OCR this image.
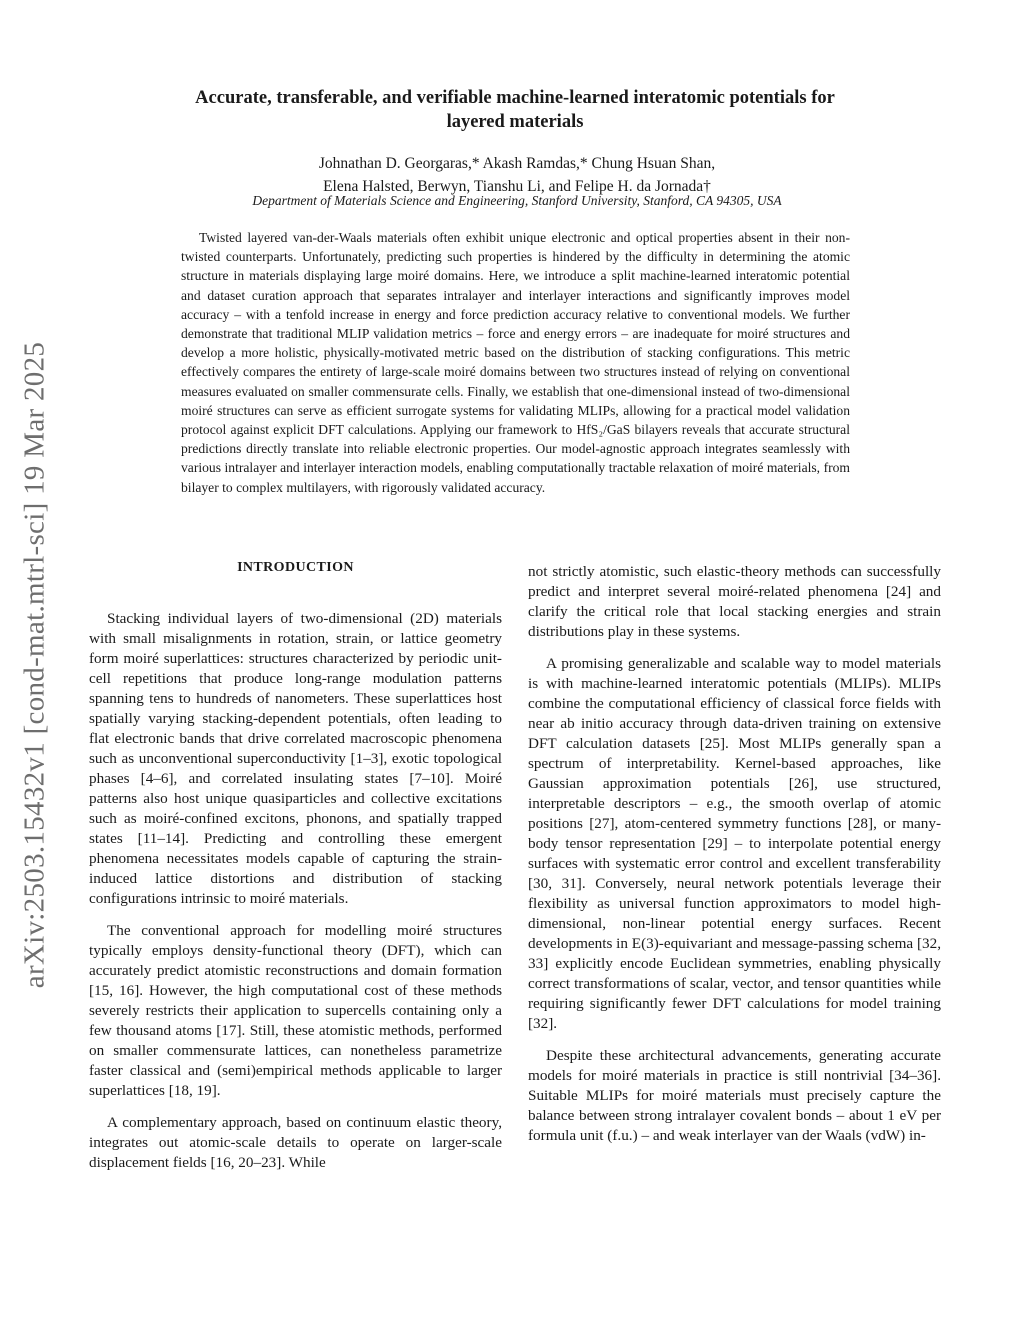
arXiv:2503.15432v1 [cond-mat.mtrl-sci] 19 Mar 2025
Accurate, transferable, and verifiable machine-learned interatomic potentials for
layered materials
Johnathan D. Georgaras,* Akash Ramdas,* Chung Hsuan Shan,
Elena Halsted, Berwyn, Tianshu Li, and Felipe H. da Jornada†
Department of Materials Science and Engineering, Stanford University, Stanford, CA 94305, USA

Twisted layered van-der-Waals materials often exhibit unique electronic and optical properties absent in their non-twisted counterparts. Unfortunately, predicting such properties is hindered by the difficulty in determining the atomic structure in materials displaying large moiré domains. Here, we introduce a split machine-learned interatomic potential and dataset curation approach that separates intralayer and interlayer interactions and significantly improves model accuracy – with a tenfold increase in energy and force prediction accuracy relative to conventional models. We further demonstrate that traditional MLIP validation metrics – force and energy errors – are inadequate for moiré structures and develop a more holistic, physically-motivated metric based on the distribution of stacking configurations. This metric effectively compares the entirety of large-scale moiré domains between two structures instead of relying on conventional measures evaluated on smaller commensurate cells. Finally, we establish that one-dimensional instead of two-dimensional moiré structures can serve as efficient surrogate systems for validating MLIPs, allowing for a practical model validation protocol against explicit DFT calculations. Applying our framework to HfS₂/GaS bilayers reveals that accurate structural predictions directly translate into reliable electronic properties. Our model-agnostic approach integrates seamlessly with various intralayer and interlayer interaction models, enabling computationally tractable relaxation of moiré materials, from bilayer to complex multilayers, with rigorously validated accuracy.

INTRODUCTION

Stacking individual layers of two-dimensional (2D) materials with small misalignments in rotation, strain, or lattice geometry form moiré superlattices: structures characterized by periodic unit-cell repetitions that produce long-range modulation patterns spanning tens to hundreds of nanometers. These superlattices host spatially varying stacking-dependent potentials, often leading to flat electronic bands that drive correlated macroscopic phenomena such as unconventional superconductivity [1–3], exotic topological phases [4–6], and correlated insulating states [7–10]. Moiré patterns also host unique quasiparticles and collective excitations such as moiré-confined excitons, phonons, and spatially trapped states [11–14]. Predicting and controlling these emergent phenomena necessitates models capable of capturing the strain-induced lattice distortions and distribution of stacking configurations intrinsic to moiré materials.

The conventional approach for modelling moiré structures typically employs density-functional theory (DFT), which can accurately predict atomistic reconstructions and domain formation [15, 16]. However, the high computational cost of these methods severely restricts their application to supercells containing only a few thousand atoms [17]. Still, these atomistic methods, performed on smaller commensurate lattices, can nonetheless parametrize faster classical and (semi)empirical methods applicable to larger superlattices [18, 19].

A complementary approach, based on continuum elastic theory, integrates out atomic-scale details to operate on larger-scale displacement fields [16, 20–23]. While

not strictly atomistic, such elastic-theory methods can successfully predict and interpret several moiré-related phenomena [24] and clarify the critical role that local stacking energies and strain distributions play in these systems.

A promising generalizable and scalable way to model materials is with machine-learned interatomic potentials (MLIPs). MLIPs combine the computational efficiency of classical force fields with near ab initio accuracy through data-driven training on extensive DFT calculation datasets [25]. Most MLIPs generally span a spectrum of interpretability. Kernel-based approaches, like Gaussian approximation potentials [26], use structured, interpretable descriptors – e.g., the smooth overlap of atomic positions [27], atom-centered symmetry functions [28], or many-body tensor representation [29] – to interpolate potential energy surfaces with systematic error control and excellent transferability [30, 31]. Conversely, neural network potentials leverage their flexibility as universal function approximators to model high-dimensional, non-linear potential energy surfaces. Recent developments in E(3)-equivariant and message-passing schema [32, 33] explicitly encode Euclidean symmetries, enabling physically correct transformations of scalar, vector, and tensor quantities while requiring significantly fewer DFT calculations for model training [32].

Despite these architectural advancements, generating accurate models for moiré materials in practice is still nontrivial [34–36]. Suitable MLIPs for moiré materials must precisely capture the balance between strong intralayer covalent bonds – about 1 eV per formula unit (f.u.) – and weak interlayer van der Waals (vdW) in-
